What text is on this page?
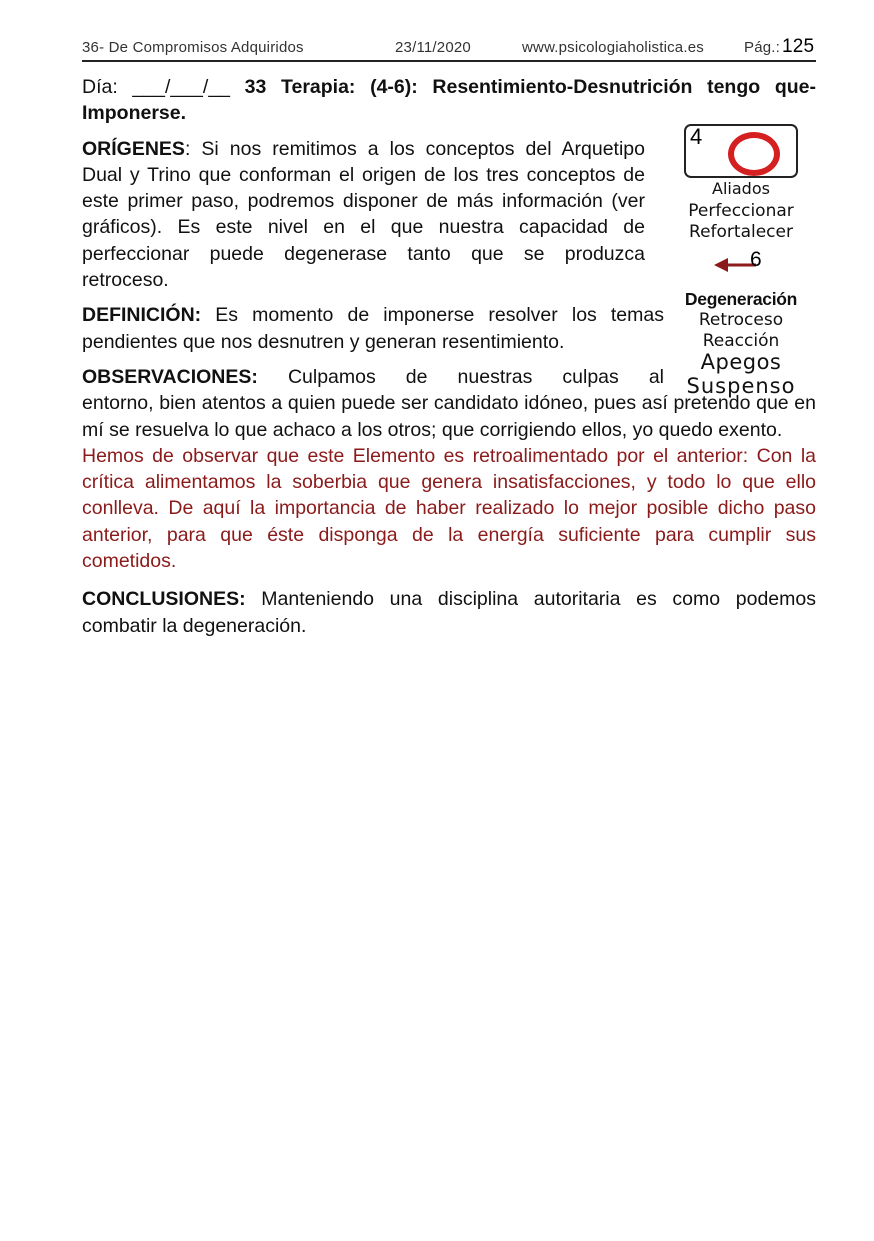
36- De Compromisos Adquiridos	23/11/2020	www.psicologiaholistica.es	Pág.: 125
4
Aliados
Perfeccionar
Refortalecer
6
Degeneración
Retroceso
Reacción
Apegos
Suspenso

Día: ___/___/__ 33 Terapia: (4-6): Resentimiento-Desnutrición tengo que-Imponerse.

ORÍGENES: Si nos remitimos a los conceptos del Arquetipo Dual y Trino que conforman el origen de los tres conceptos de este primer paso, podremos disponer de más información (ver gráficos). Es este nivel en el que nuestra capacidad de perfeccionar puede degenerase tanto que se produzca retroceso.

DEFINICIÓN: Es momento de imponerse resolver los temas pendientes que nos desnutren y generan resentimiento.

OBSERVACIONES: Culpamos de nuestras culpas al

entorno, bien atentos a quien puede ser candidato idóneo, pues así pretendo que en mí se resuelva lo que achaco a los otros; que corrigiendo ellos, yo quedo exento.

Hemos de observar que este Elemento es retroalimentado por el anterior: Con la crítica alimentamos la soberbia que genera insatisfacciones, y todo lo que ello conlleva. De aquí la importancia de haber realizado lo mejor posible dicho paso anterior, para que éste disponga de la energía suficiente para cumplir sus cometidos.

CONCLUSIONES: Manteniendo una disciplina autoritaria es como podemos combatir la degeneración.
